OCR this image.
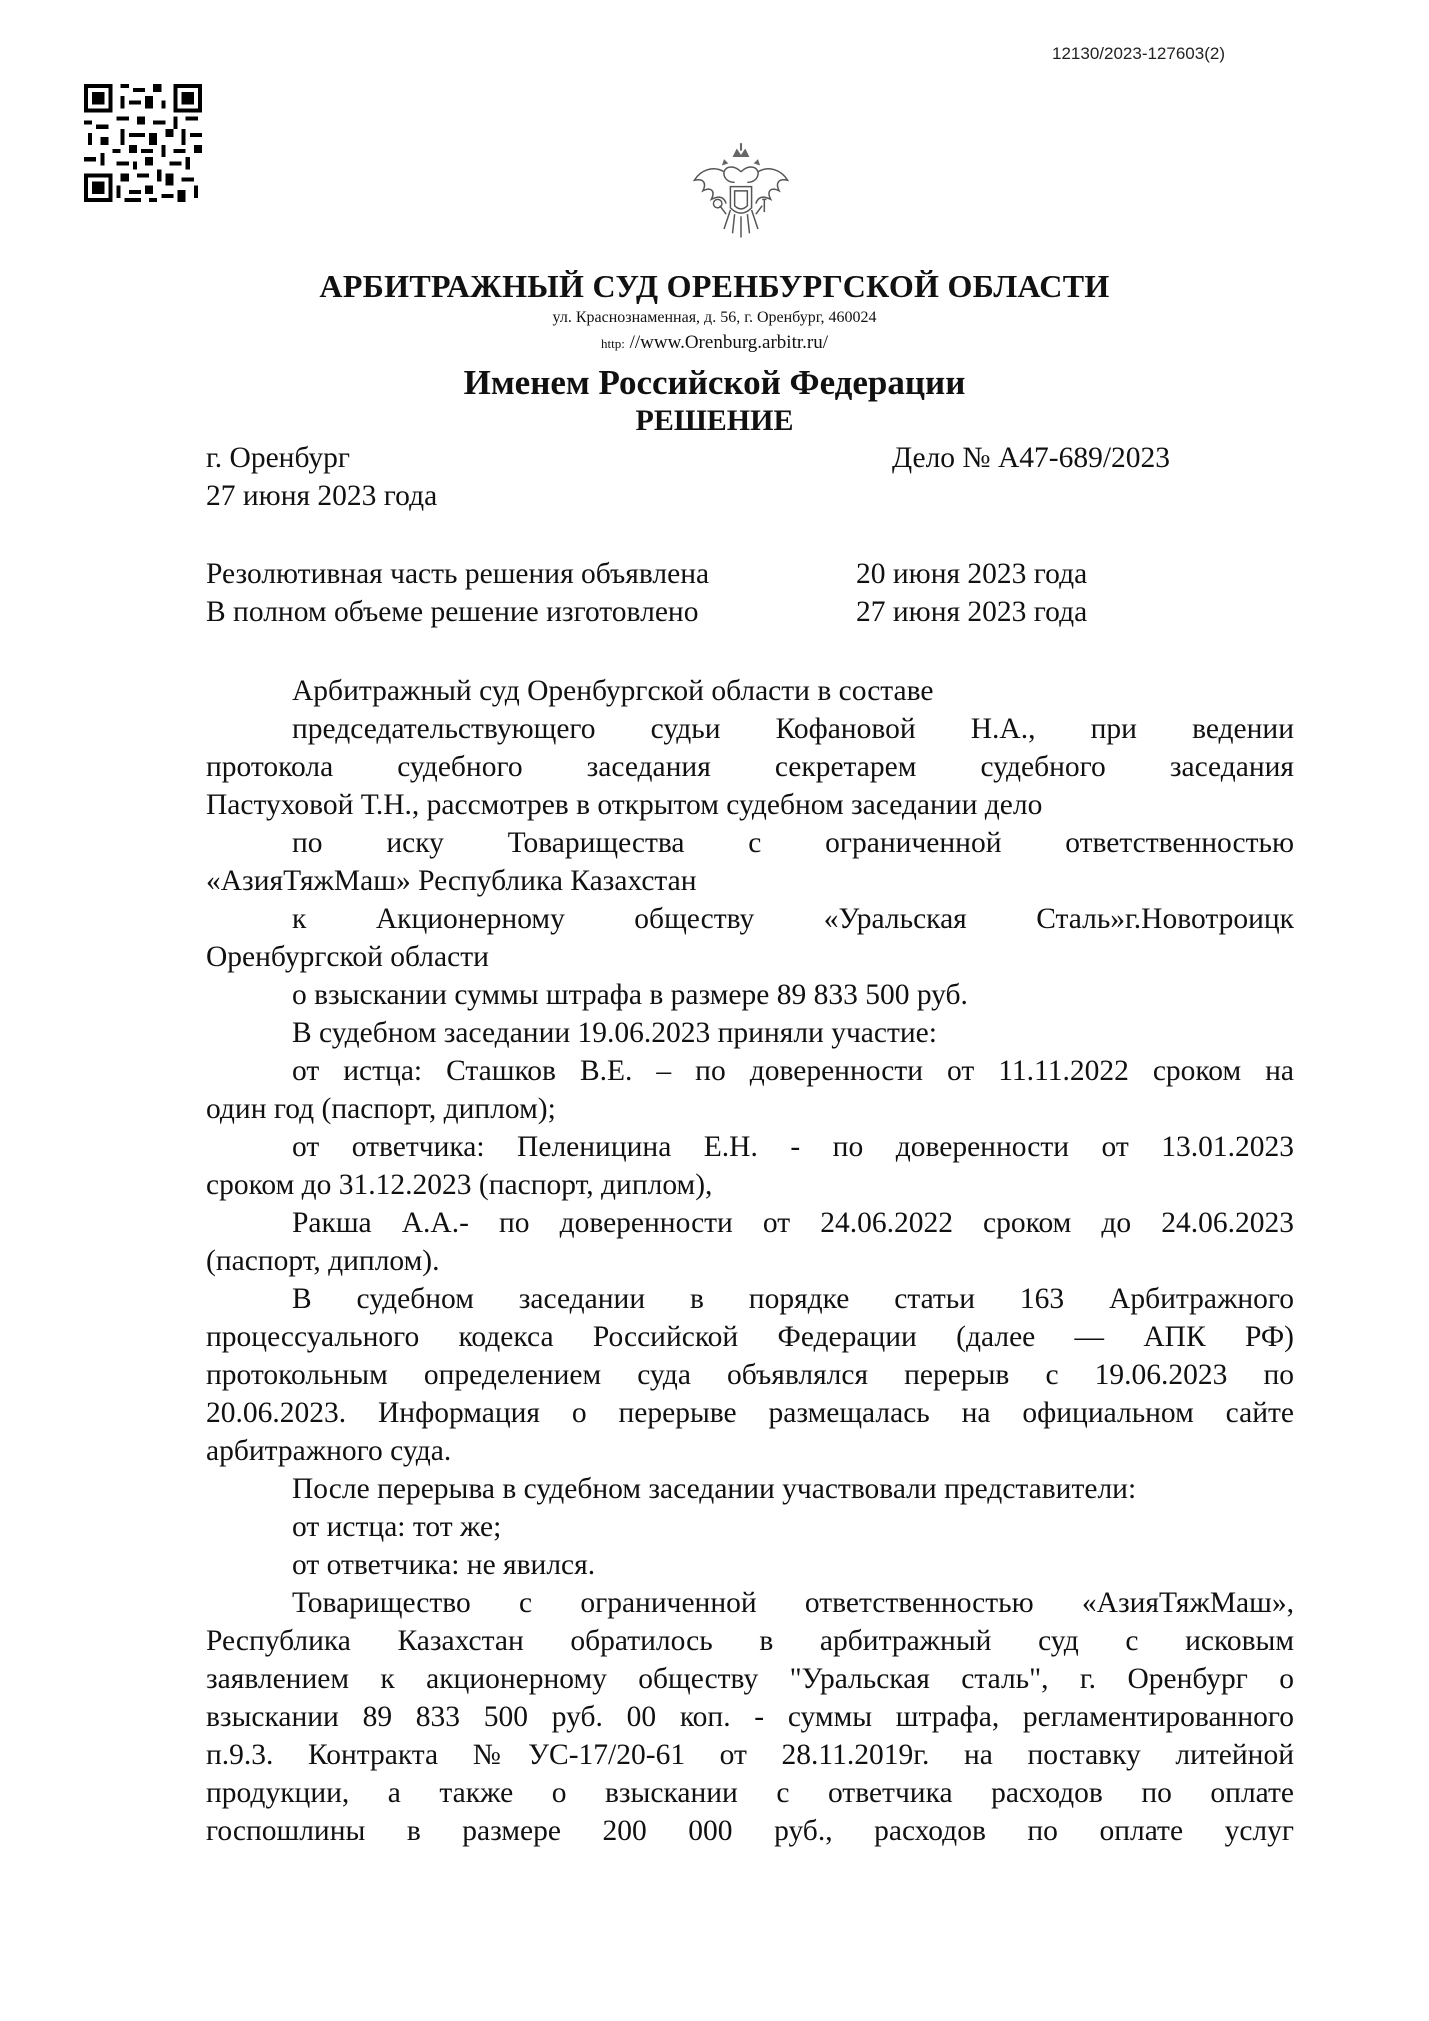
12130/2023-127603(2)
АРБИТРАЖНЫЙ СУД ОРЕНБУРГСКОЙ ОБЛАСТИ
ул. Краснознаменная, д. 56, г. Оренбург, 460024
http: //www.Orenburg.arbitr.ru/
Именем Российской Федерации
РЕШЕНИЕ
г. Оренбург	Дело № А47-689/2023
27 июня 2023 года
Резолютивная часть решения объявлена	20 июня 2023 года
В полном объеме решение изготовлено	27 июня 2023 года
Арбитражный суд Оренбургской области в составе
председательствующего судьи Кофановой Н.А., при ведении
протокола судебного заседания секретарем судебного заседания
Пастуховой Т.Н., рассмотрев в открытом судебном заседании дело
по иску Товарищества с ограниченной ответственностью
«АзияТяжМаш» Республика Казахстан
к Акционерному обществу «Уральская Сталь»г.Новотроицк
Оренбургской области
о взыскании суммы штрафа в размере 89 833 500 руб.
В судебном заседании 19.06.2023 приняли участие:
от истца: Сташков В.Е. – по доверенности от 11.11.2022 сроком на
один год (паспорт, диплом);
от ответчика: Пеленицина Е.Н. - по доверенности от 13.01.2023
сроком до 31.12.2023 (паспорт, диплом),
Ракша А.А.- по доверенности от 24.06.2022 сроком до 24.06.2023
(паспорт, диплом).
В судебном заседании в порядке статьи 163 Арбитражного
процессуального кодекса Российской Федерации (далее — АПК РФ)
протокольным определением суда объявлялся перерыв с 19.06.2023 по
20.06.2023. Информация о перерыве размещалась на официальном сайте
арбитражного суда.
После перерыва в судебном заседании участвовали представители:
от истца: тот же;
от ответчика: не явился.
Товарищество с ограниченной ответственностью «АзияТяжМаш»,
Республика Казахстан обратилось в арбитражный суд с исковым
заявлением к акционерному обществу "Уральская сталь", г. Оренбург о
взыскании 89 833 500 руб. 00 коп. - суммы штрафа, регламентированного
п.9.3. Контракта №УС-17/20-61 от 28.11.2019г. на поставку литейной
продукции, а также о взыскании с ответчика расходов по оплате
госпошлины в размере 200 000 руб., расходов по оплате услуг
